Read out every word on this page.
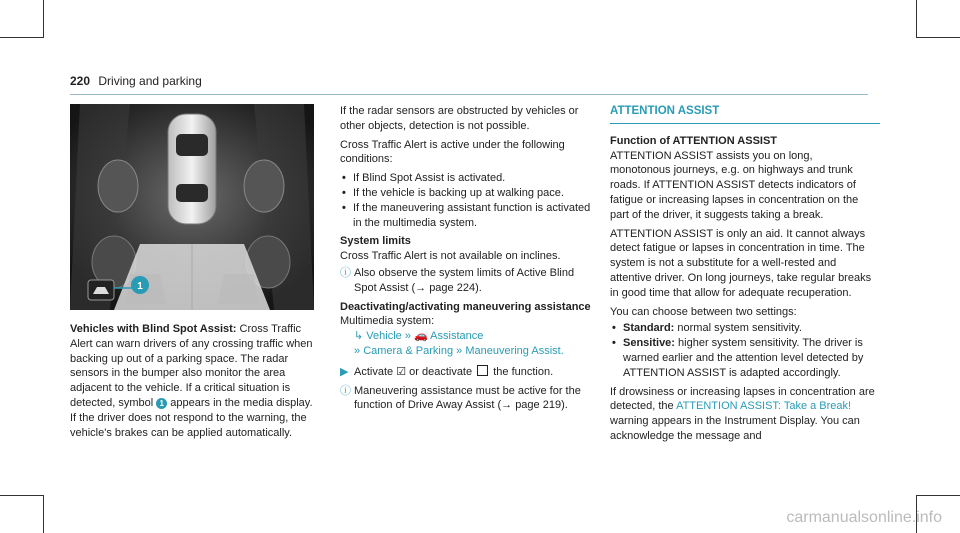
220 Driving and parking
1

Vehicles with Blind Spot Assist: Cross Traffic Alert can warn drivers of any crossing traffic when backing up out of a parking space. The radar sensors in the bumper also monitor the area adjacent to the vehicle. If a critical situation is detected, symbol 1 appears in the media display. If the driver does not respond to the warning, the vehicle's brakes can be applied automatically.

If the radar sensors are obstructed by vehicles or other objects, detection is not possible.

Cross Traffic Alert is active under the following conditions:

• If Blind Spot Assist is activated.
• If the vehicle is backing up at walking pace.
• If the maneuvering assistant function is activated in the multimedia system.
System limits

Cross Traffic Alert is not available on inclines.

ⓘ Also observe the system limits of Active Blind Spot Assist (→ page 224).

Deactivating/activating maneuvering assistance
Multimedia system:
↳ Vehicle » 🚗 Assistance
» Camera & Parking » Maneuvering Assist.

▶ Activate ☑ or deactivate the function.

ⓘ Maneuvering assistance must be active for the function of Drive Away Assist (→ page 219).

ATTENTION ASSIST
Function of ATTENTION ASSIST

ATTENTION ASSIST assists you on long, monotonous journeys, e.g. on highways and trunk roads. If ATTENTION ASSIST detects indicators of fatigue or increasing lapses in concentration on the part of the driver, it suggests taking a break.

ATTENTION ASSIST is only an aid. It cannot always detect fatigue or lapses in concentration in time. The system is not a substitute for a well-rested and attentive driver. On long journeys, take regular breaks in good time that allow for adequate recuperation.

You can choose between two settings:

• Standard: normal system sensitivity.
• Sensitive: higher system sensitivity. The driver is warned earlier and the attention level detected by ATTENTION ASSIST is adapted accordingly.

If drowsiness or increasing lapses in concentration are detected, the ATTENTION ASSIST: Take a Break! warning appears in the Instrument Display. You can acknowledge the message and

carmanualsonline.info
